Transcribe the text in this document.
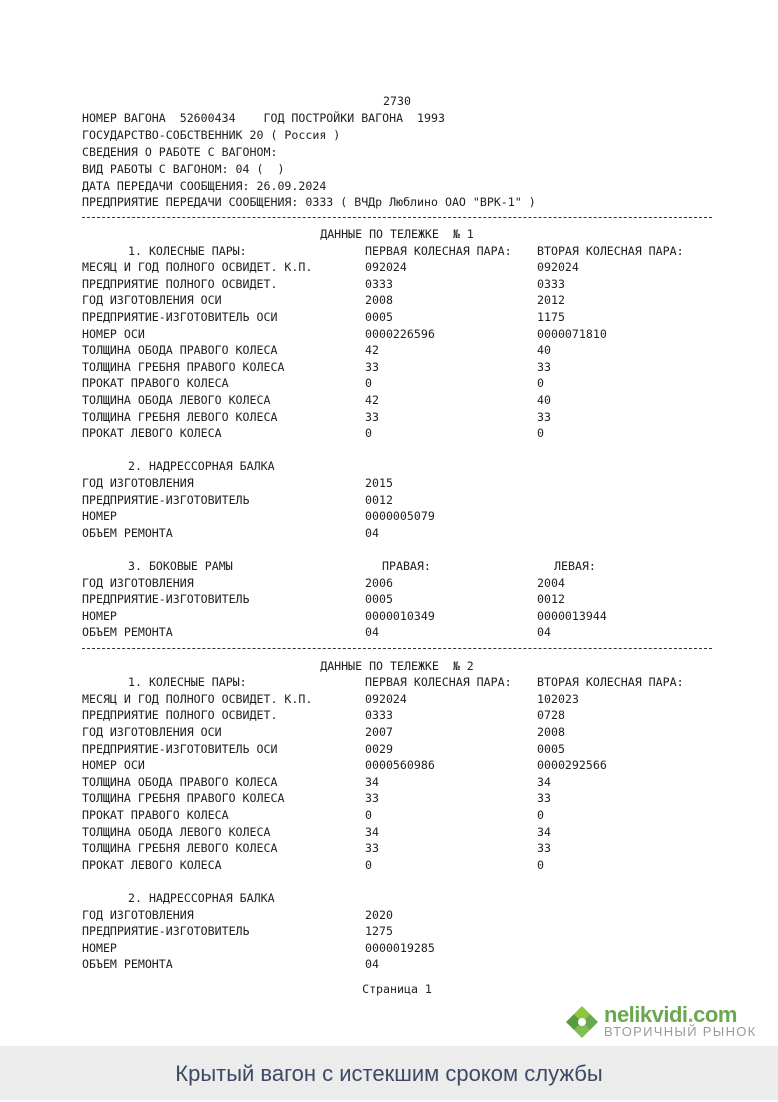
2730

НОМЕР ВАГОНА  52600434    ГОД ПОСТРОЙКИ ВАГОНА  1993

ГОСУДАРСТВО-СОБСТВЕННИК 20 ( Россия )

СВЕДЕНИЯ О РАБОТЕ С ВАГОНОМ:

ВИД РАБОТЫ С ВАГОНОМ: 04 (  )

ДАТА ПЕРЕДАЧИ СООБЩЕНИЯ: 26.09.2024

ПРЕДПРИЯТИЕ ПЕРЕДАЧИ СООБЩЕНИЯ: 0333 ( ВЧДр Люблино ОАО "ВРК-1" )

ДАННЫЕ ПО ТЕЛЕЖКЕ  № 1
1. КОЛЕСНЫЕ ПАРЫ:	ПЕРВАЯ КОЛЕСНАЯ ПАРА: ВТОРАЯ КОЛЕСНАЯ ПАРА:
МЕСЯЦ И ГОД ПОЛНОГО ОСВИДЕТ. К.П.	092024	092024
ПРЕДПРИЯТИЕ ПОЛНОГО ОСВИДЕТ.	0333	0333
ГОД ИЗГОТОВЛЕНИЯ ОСИ	2008	2012
ПРЕДПРИЯТИЕ-ИЗГОТОВИТЕЛЬ ОСИ	0005	1175
НОМЕР ОСИ	0000226596	0000071810
ТОЛЩИНА ОБОДА ПРАВОГО КОЛЕСА	42	40
ТОЛЩИНА ГРЕБНЯ ПРАВОГО КОЛЕСА	33	33
ПРОКАТ ПРАВОГО КОЛЕСА	0	0
ТОЛЩИНА ОБОДА ЛЕВОГО КОЛЕСА	42	40
ТОЛЩИНА ГРЕБНЯ ЛЕВОГО КОЛЕСА	33	33
ПРОКАТ ЛЕВОГО КОЛЕСА	0	0
2. НАДРЕССОРНАЯ БАЛКА
ГОД ИЗГОТОВЛЕНИЯ	2015
ПРЕДПРИЯТИЕ-ИЗГОТОВИТЕЛЬ	0012
НОМЕР	0000005079
ОБЪЕМ РЕМОНТА	04
3. БОКОВЫЕ РАМЫ	ПРАВАЯ:	ЛЕВАЯ:
ГОД ИЗГОТОВЛЕНИЯ	2006	2004
ПРЕДПРИЯТИЕ-ИЗГОТОВИТЕЛЬ	0005	0012
НОМЕР	0000010349	0000013944
ОБЪЕМ РЕМОНТА	04	04
ДАННЫЕ ПО ТЕЛЕЖКЕ  № 2
1. КОЛЕСНЫЕ ПАРЫ:	ПЕРВАЯ КОЛЕСНАЯ ПАРА: ВТОРАЯ КОЛЕСНАЯ ПАРА:
МЕСЯЦ И ГОД ПОЛНОГО ОСВИДЕТ. К.П.	092024	102023
ПРЕДПРИЯТИЕ ПОЛНОГО ОСВИДЕТ.	0333	0728
ГОД ИЗГОТОВЛЕНИЯ ОСИ	2007	2008
ПРЕДПРИЯТИЕ-ИЗГОТОВИТЕЛЬ ОСИ	0029	0005
НОМЕР ОСИ	0000560986	0000292566
ТОЛЩИНА ОБОДА ПРАВОГО КОЛЕСА	34	34
ТОЛЩИНА ГРЕБНЯ ПРАВОГО КОЛЕСА	33	33
ПРОКАТ ПРАВОГО КОЛЕСА	0	0
ТОЛЩИНА ОБОДА ЛЕВОГО КОЛЕСА	34	34
ТОЛЩИНА ГРЕБНЯ ЛЕВОГО КОЛЕСА	33	33
ПРОКАТ ЛЕВОГО КОЛЕСА	0	0
2. НАДРЕССОРНАЯ БАЛКА
ГОД ИЗГОТОВЛЕНИЯ	2020
ПРЕДПРИЯТИЕ-ИЗГОТОВИТЕЛЬ	1275
НОМЕР	0000019285
ОБЪЕМ РЕМОНТА	04
Страница 1

nelikvidi.com
ВТОРИЧНЫЙ РЫНОК
Крытый вагон с истекшим сроком службы
